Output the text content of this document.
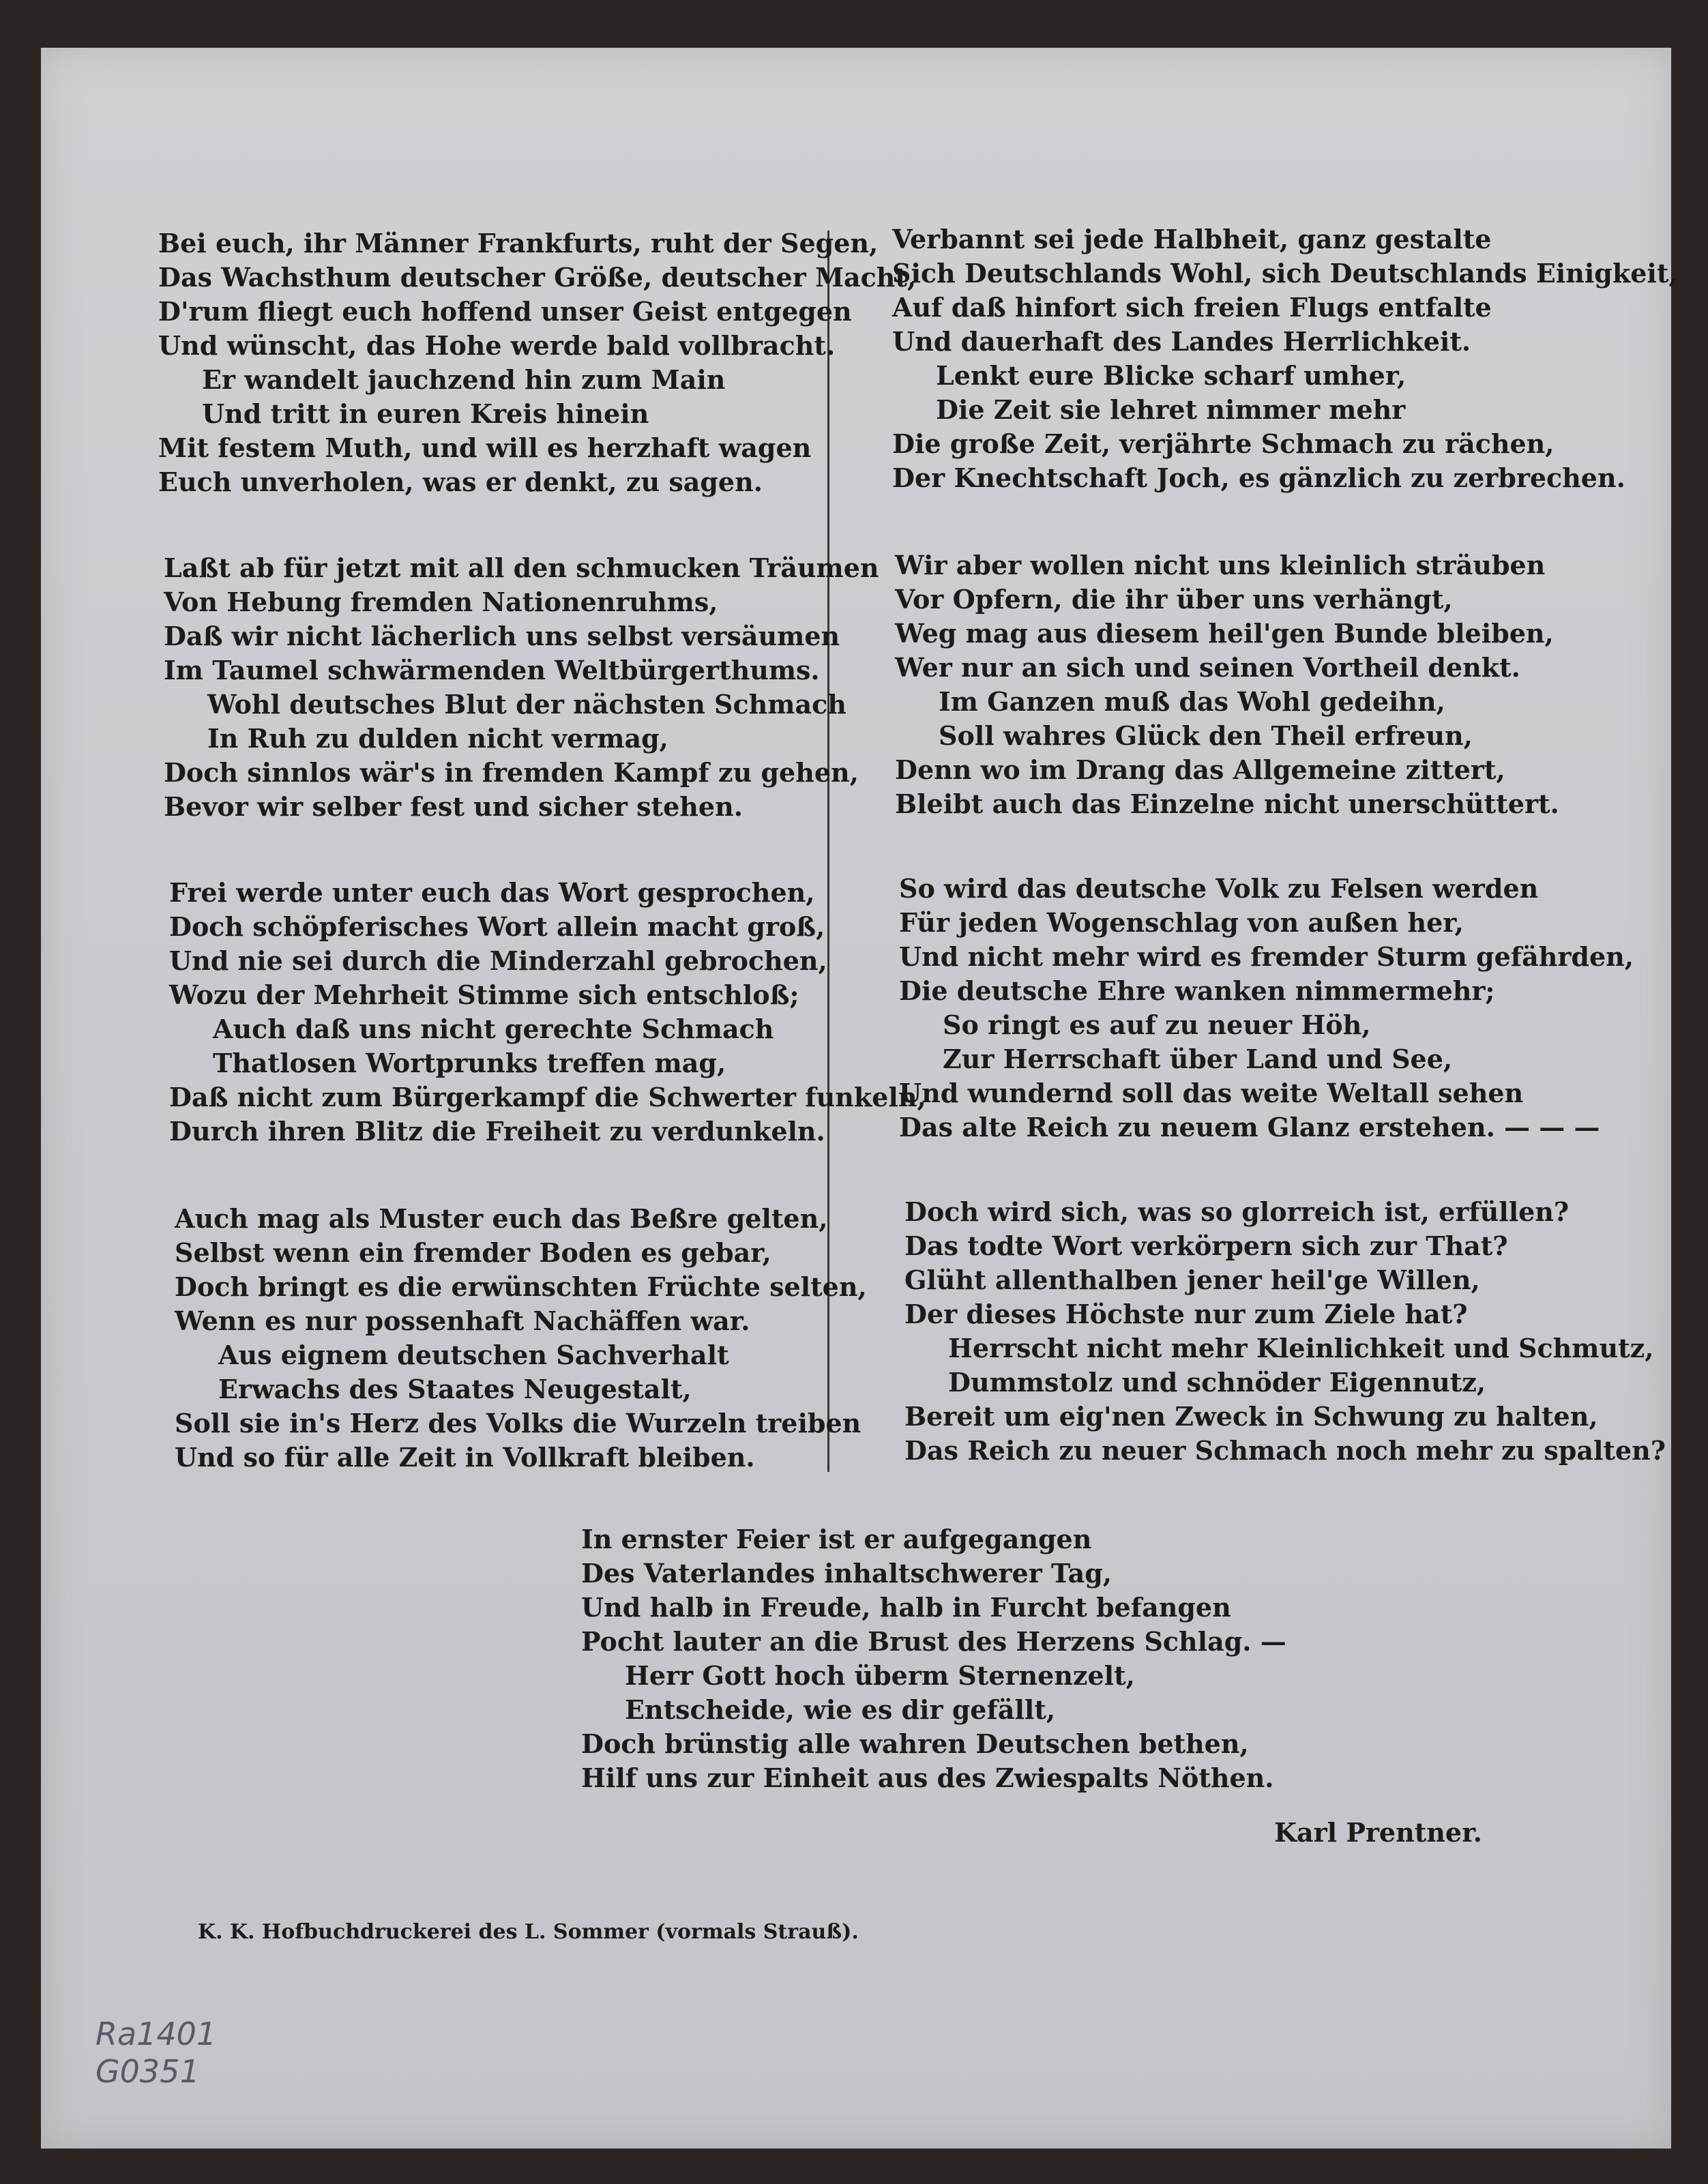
Bei euch, ihr Männer Frankfurts, ruht der Segen,
Das Wachsthum deutscher Größe, deutscher Macht,
D'rum fliegt euch hoffend unser Geist entgegen
Und wünscht, das Hohe werde bald vollbracht.
Er wandelt jauchzend hin zum Main
Und tritt in euren Kreis hinein
Mit festem Muth, und will es herzhaft wagen
Euch unverholen, was er denkt, zu sagen.
Laßt ab für jetzt mit all den schmucken Träumen
Von Hebung fremden Nationenruhms,
Daß wir nicht lächerlich uns selbst versäumen
Im Taumel schwärmenden Weltbürgerthums.
Wohl deutsches Blut der nächsten Schmach
In Ruh zu dulden nicht vermag,
Doch sinnlos wär's in fremden Kampf zu gehen,
Bevor wir selber fest und sicher stehen.
Frei werde unter euch das Wort gesprochen,
Doch schöpferisches Wort allein macht groß,
Und nie sei durch die Minderzahl gebrochen,
Wozu der Mehrheit Stimme sich entschloß;
Auch daß uns nicht gerechte Schmach
Thatlosen Wortprunks treffen mag,
Daß nicht zum Bürgerkampf die Schwerter funkeln,
Durch ihren Blitz die Freiheit zu verdunkeln.
Auch mag als Muster euch das Beßre gelten,
Selbst wenn ein fremder Boden es gebar,
Doch bringt es die erwünschten Früchte selten,
Wenn es nur possenhaft Nachäffen war.
Aus eignem deutschen Sachverhalt
Erwachs des Staates Neugestalt,
Soll sie in's Herz des Volks die Wurzeln treiben
Und so für alle Zeit in Vollkraft bleiben.
Verbannt sei jede Halbheit, ganz gestalte
Sich Deutschlands Wohl, sich Deutschlands Einigkeit,
Auf daß hinfort sich freien Flugs entfalte
Und dauerhaft des Landes Herrlichkeit.
Lenkt eure Blicke scharf umher,
Die Zeit sie lehret nimmer mehr
Die große Zeit, verjährte Schmach zu rächen,
Der Knechtschaft Joch, es gänzlich zu zerbrechen.
Wir aber wollen nicht uns kleinlich sträuben
Vor Opfern, die ihr über uns verhängt,
Weg mag aus diesem heil'gen Bunde bleiben,
Wer nur an sich und seinen Vortheil denkt.
Im Ganzen muß das Wohl gedeihn,
Soll wahres Glück den Theil erfreun,
Denn wo im Drang das Allgemeine zittert,
Bleibt auch das Einzelne nicht unerschüttert.
So wird das deutsche Volk zu Felsen werden
Für jeden Wogenschlag von außen her,
Und nicht mehr wird es fremder Sturm gefährden,
Die deutsche Ehre wanken nimmermehr;
So ringt es auf zu neuer Höh,
Zur Herrschaft über Land und See,
Und wundernd soll das weite Weltall sehen
Das alte Reich zu neuem Glanz erstehen. — — —
Doch wird sich, was so glorreich ist, erfüllen?
Das todte Wort verkörpern sich zur That?
Glüht allenthalben jener heil'ge Willen,
Der dieses Höchste nur zum Ziele hat?
Herrscht nicht mehr Kleinlichkeit und Schmutz,
Dummstolz und schnöder Eigennutz,
Bereit um eig'nen Zweck in Schwung zu halten,
Das Reich zu neuer Schmach noch mehr zu spalten?
In ernster Feier ist er aufgegangen
Des Vaterlandes inhaltschwerer Tag,
Und halb in Freude, halb in Furcht befangen
Pocht lauter an die Brust des Herzens Schlag. —
Herr Gott hoch überm Sternenzelt,
Entscheide, wie es dir gefällt,
Doch brünstig alle wahren Deutschen bethen,
Hilf uns zur Einheit aus des Zwiespalts Nöthen.
Karl Prentner.
K. K. Hofbuchdruckerei des L. Sommer (vormals Strauß).
Ra1401
G0351
